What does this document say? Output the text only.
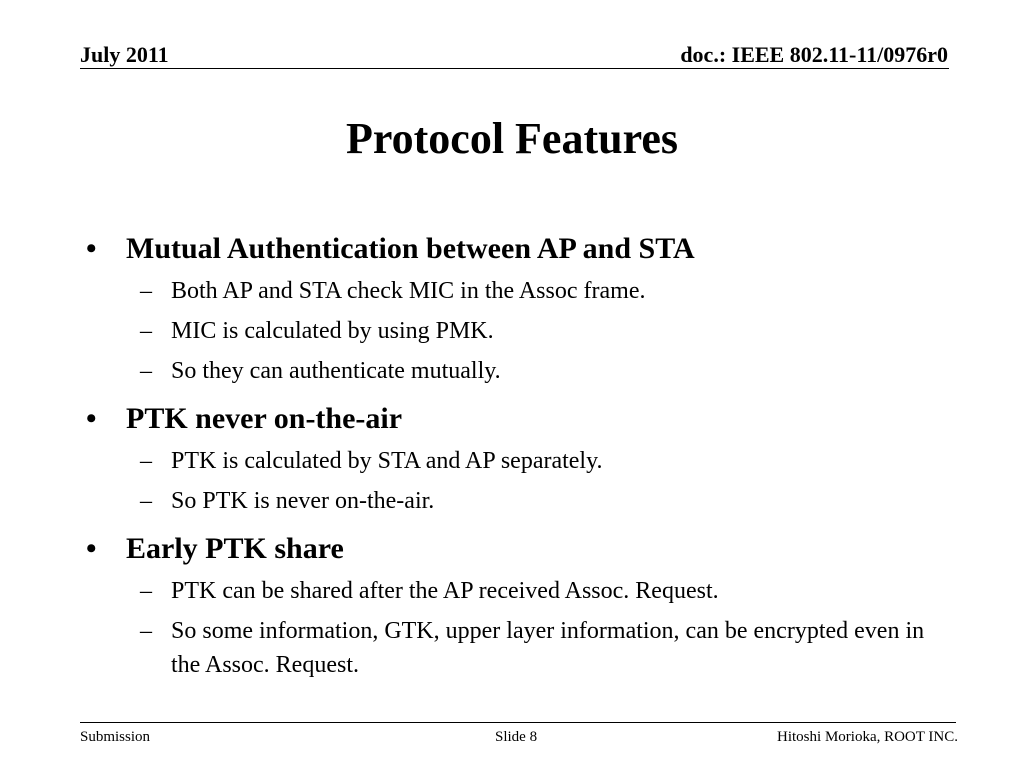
July 2011	doc.: IEEE 802.11-11/0976r0
Protocol Features
• Mutual Authentication between AP and STA
– Both AP and STA check MIC in the Assoc frame.
– MIC is calculated by using PMK.
– So they can authenticate mutually.
• PTK never on-the-air
– PTK is calculated by STA and AP separately.
– So PTK is never on-the-air.
• Early PTK share
– PTK can be shared after the AP received Assoc. Request.
– So some information, GTK, upper layer information, can be encrypted even in the Assoc. Request.
Submission	Slide 8	Hitoshi Morioka, ROOT INC.
